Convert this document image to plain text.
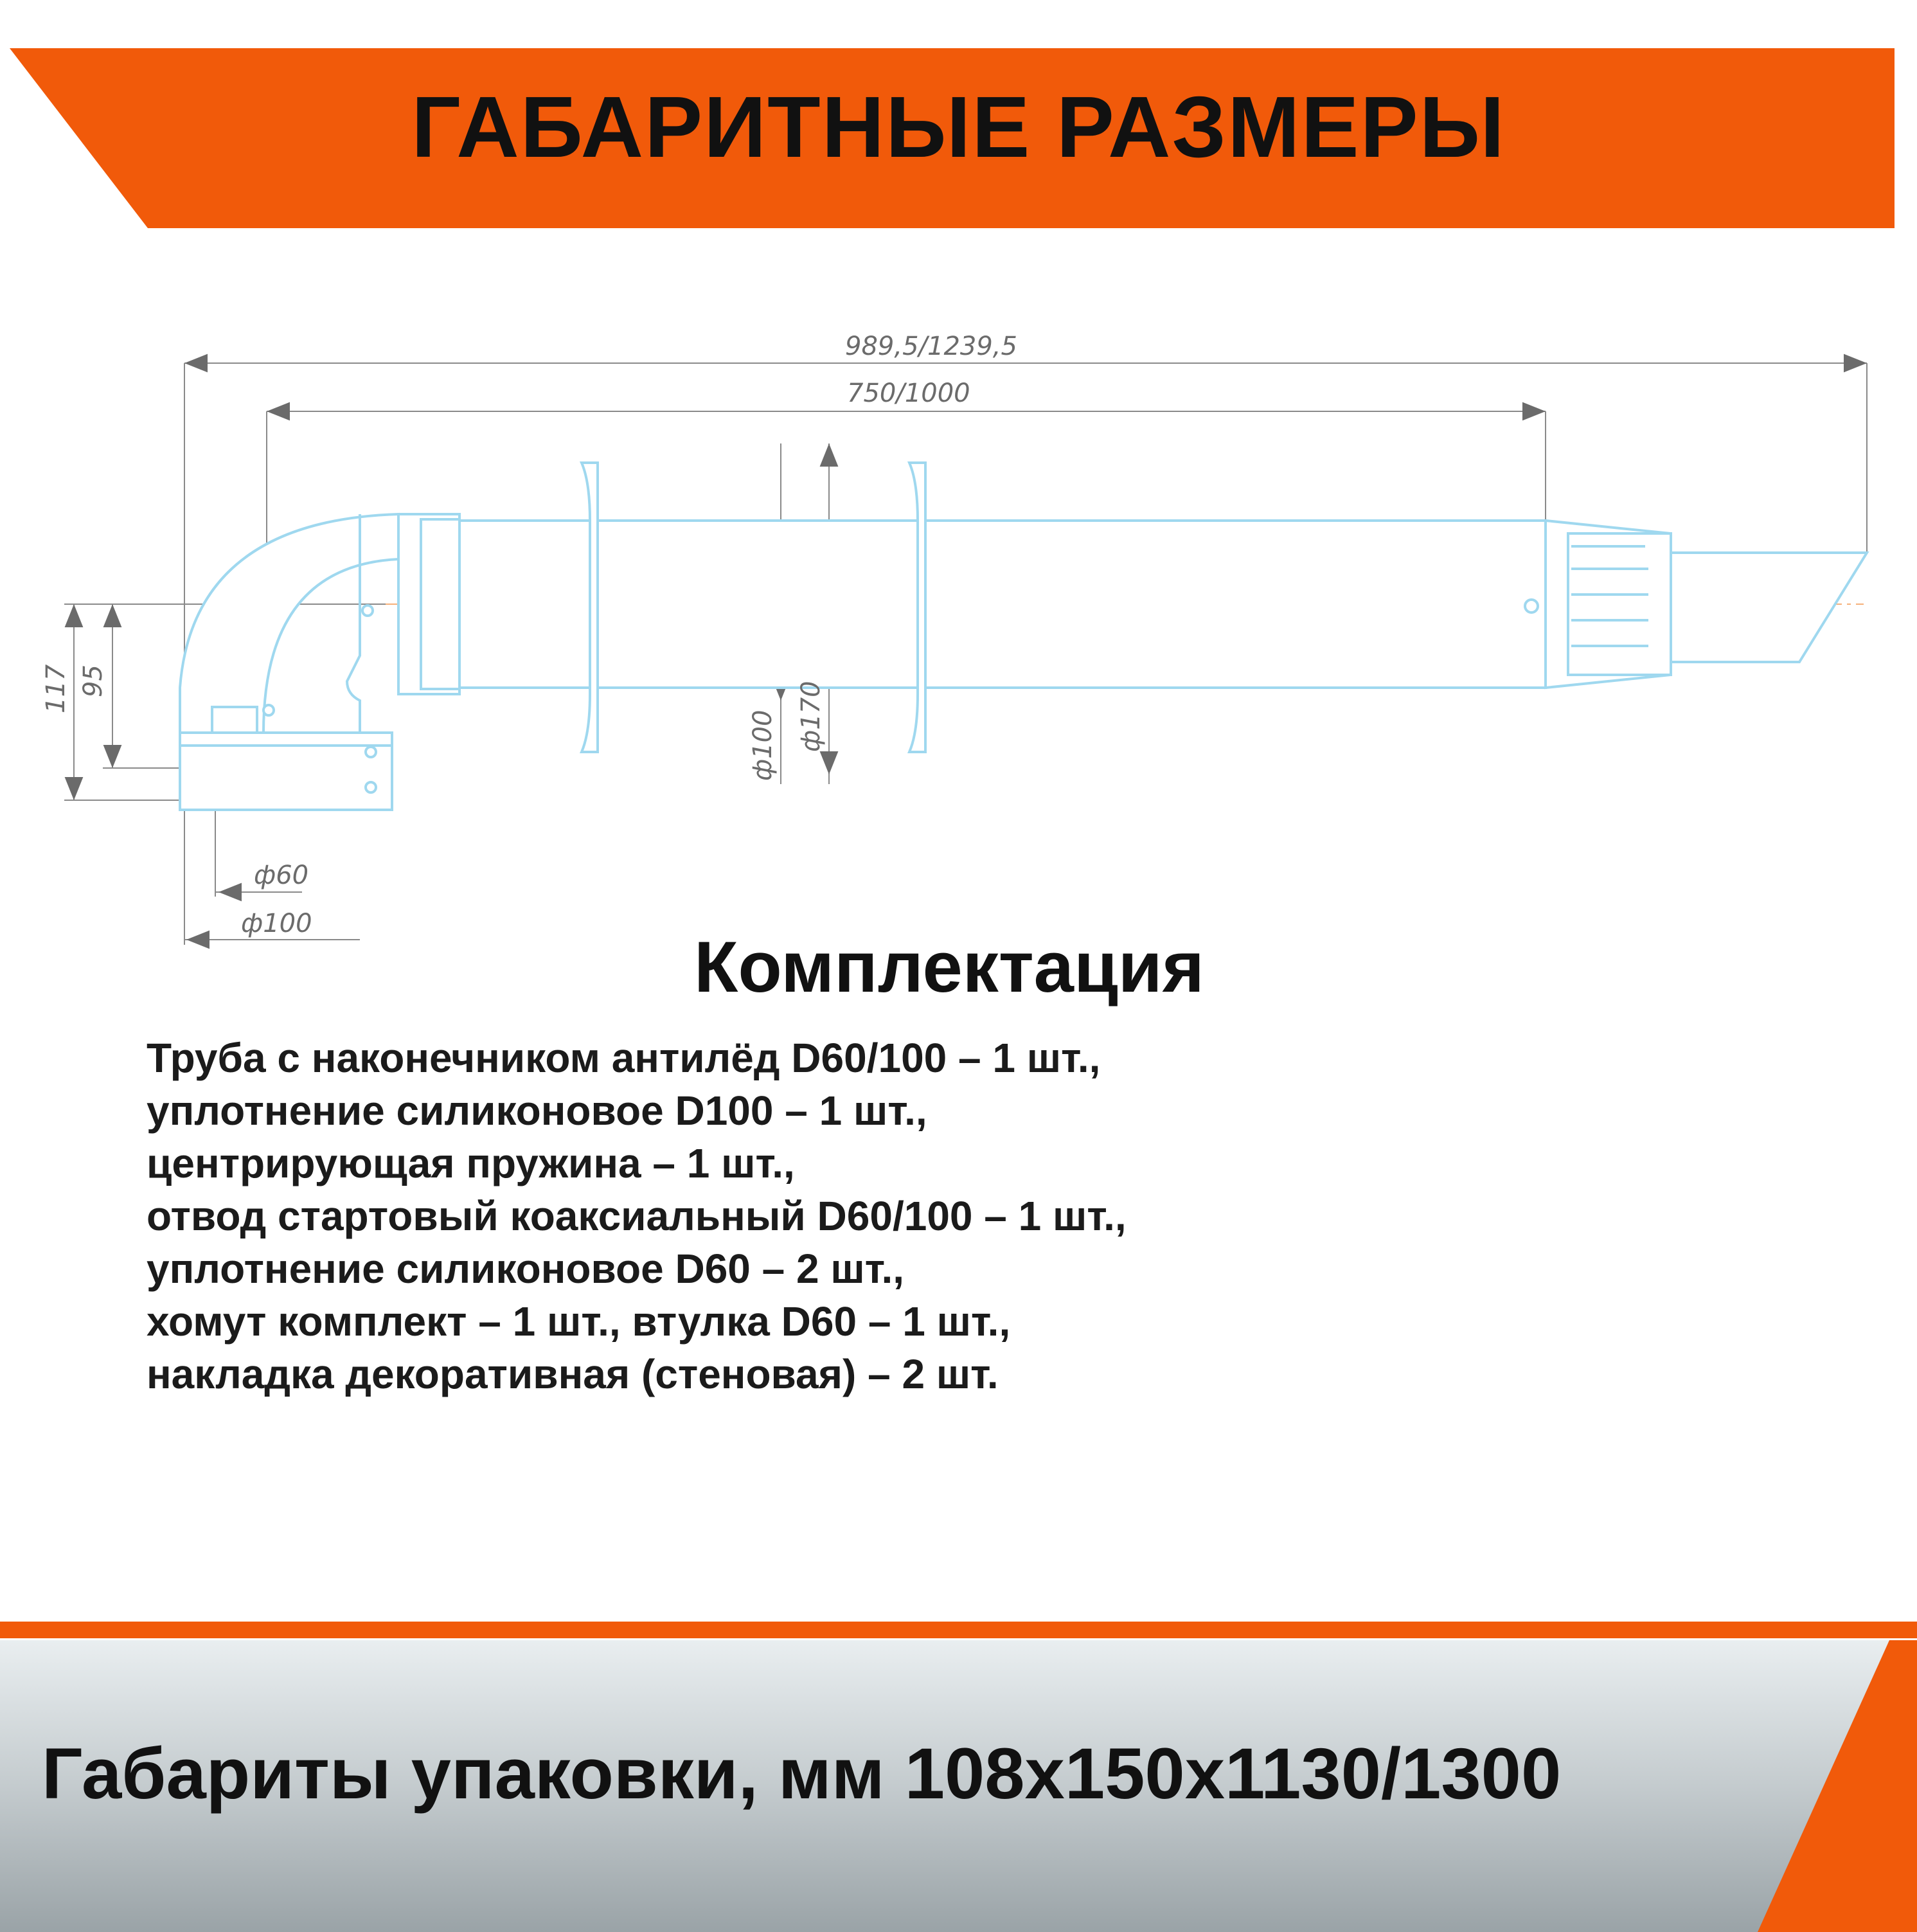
ГАБАРИТНЫЕ РАЗМЕРЫ
989,5/1239,5
750/1000
117 95
ф60
ф100
ф100 ф170
Комплектация
Труба с наконечником антилёд D60/100 – 1 шт.,
уплотнение силиконовое D100 – 1 шт.,
центрирующая пружина – 1 шт.,
отвод стартовый коаксиальный D60/100 – 1 шт.,
уплотнение силиконовое D60 – 2 шт.,
хомут комплект – 1 шт., втулка D60 – 1 шт.,
накладка декоративная (стеновая) – 2 шт.
Габариты упаковки, мм 108х150х1130/1300
